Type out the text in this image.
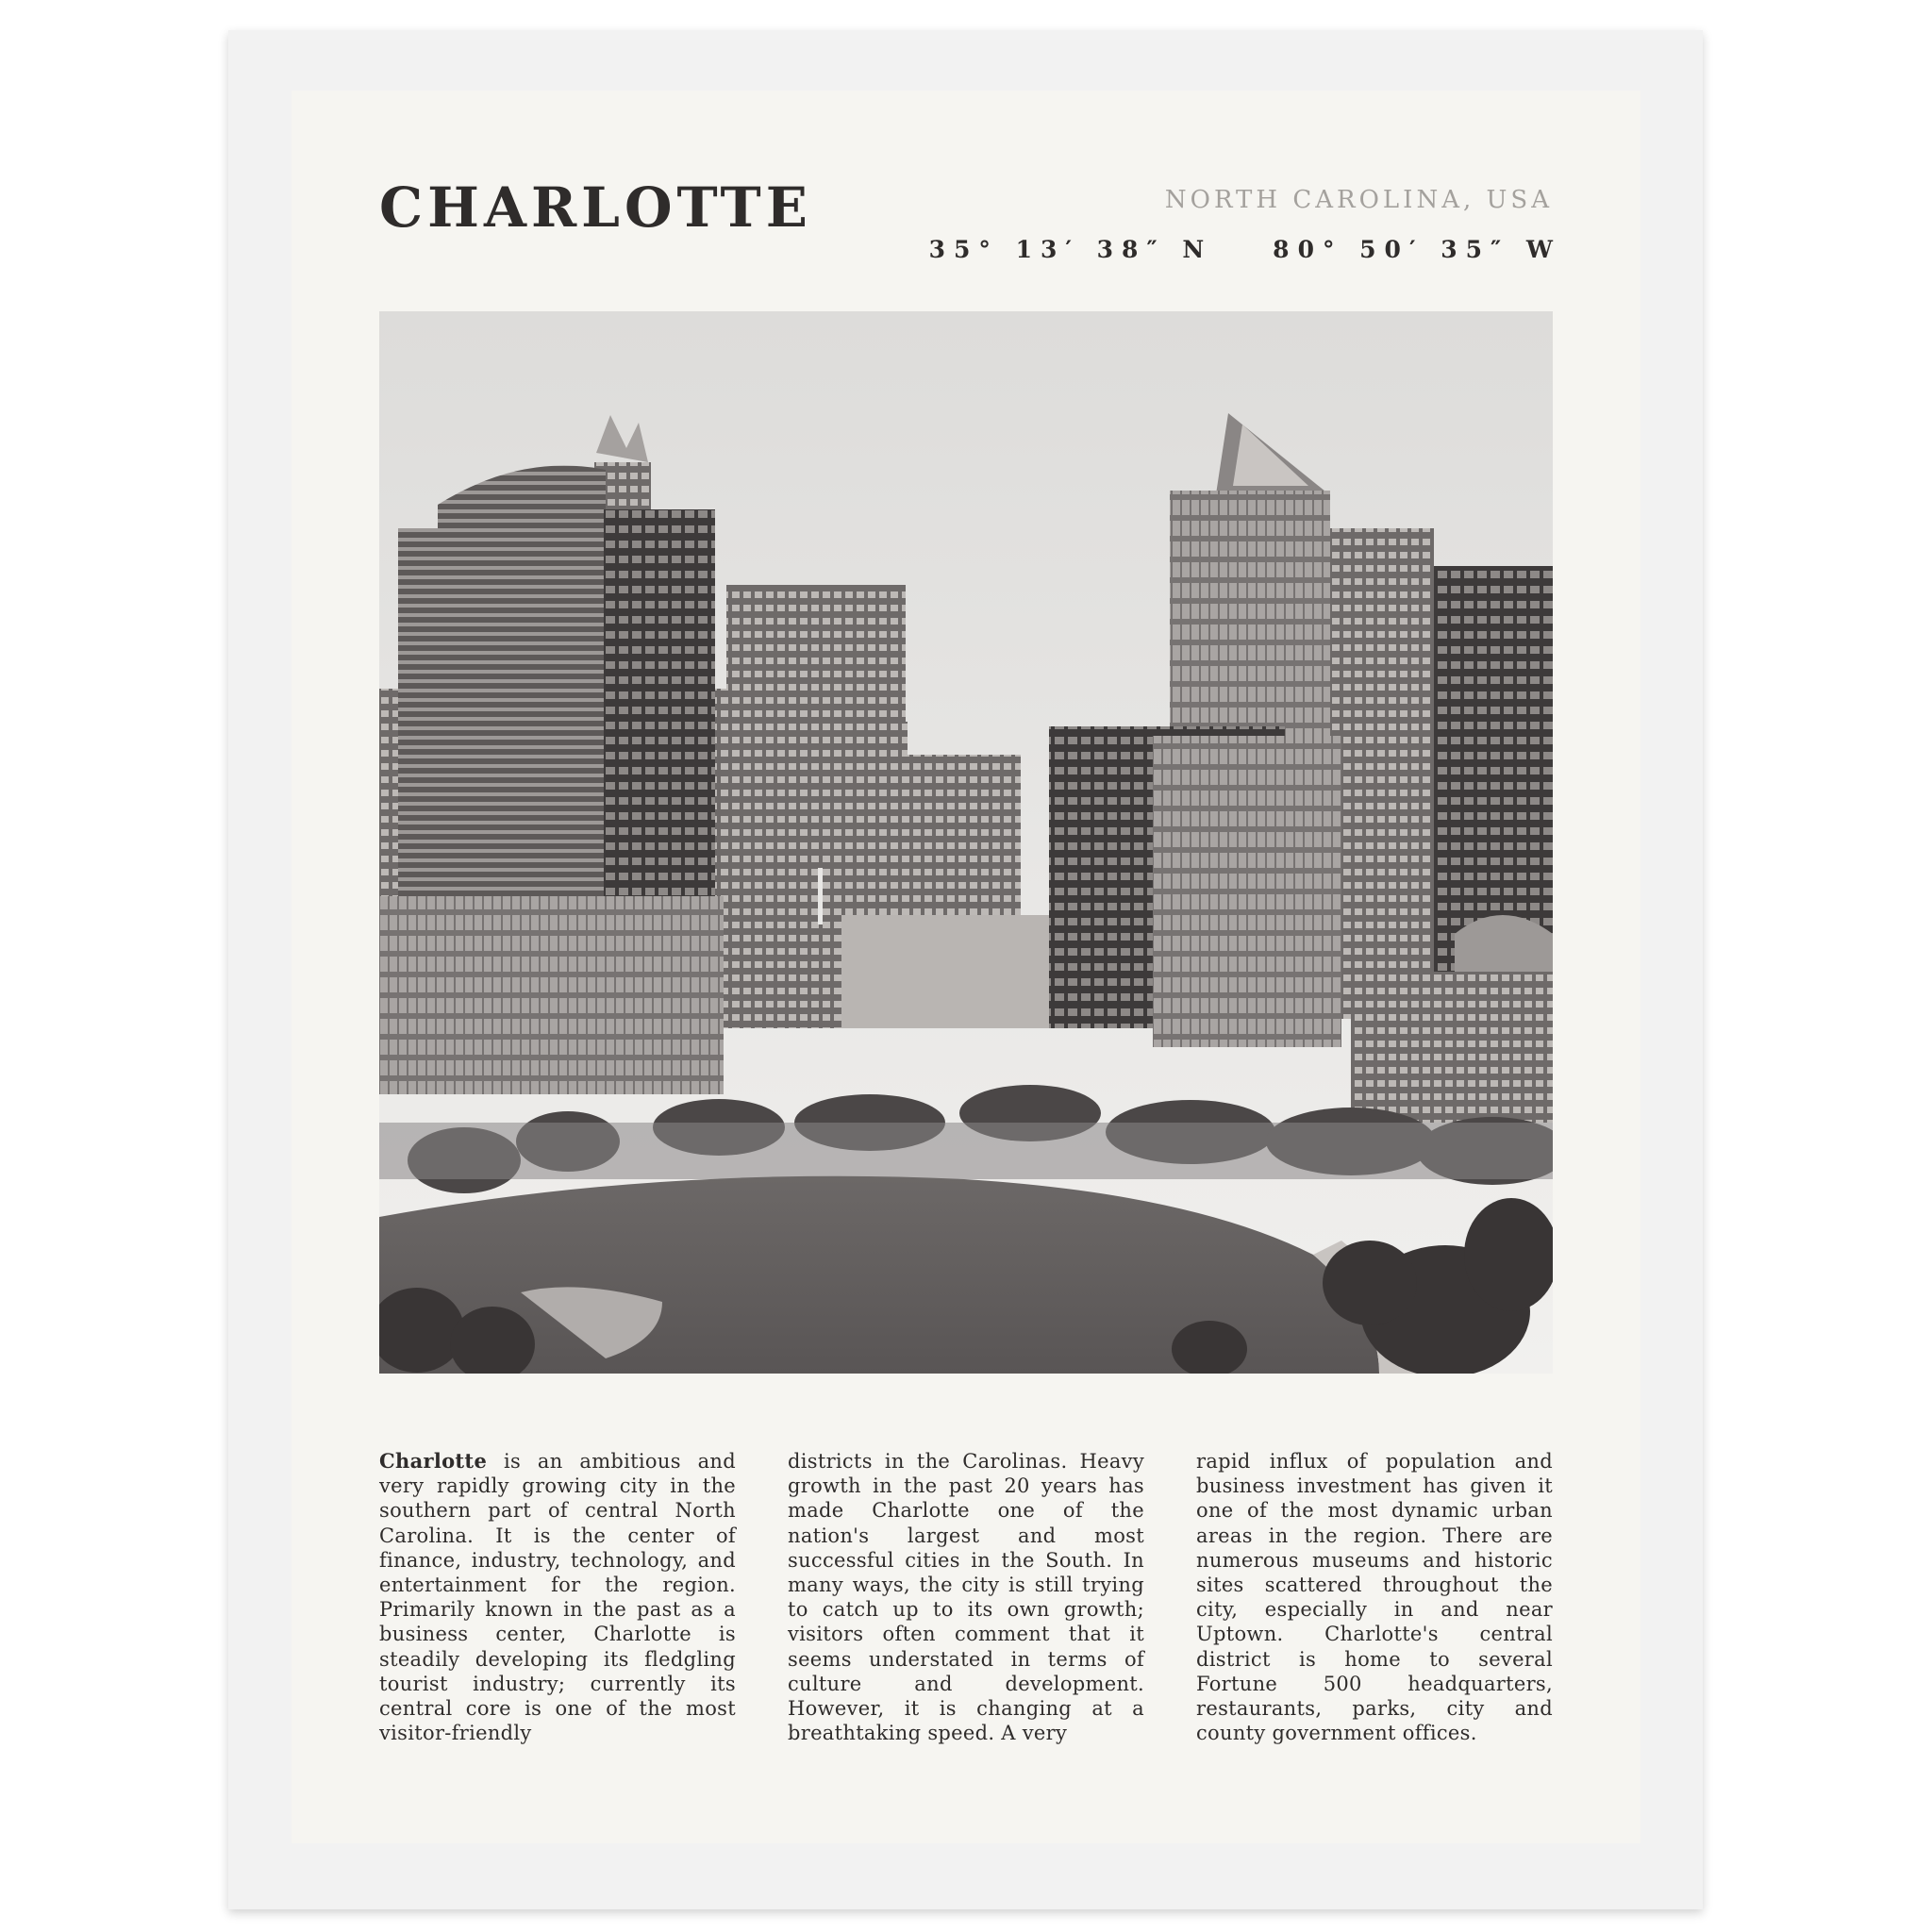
CHARLOTTE	NORTH CAROLINA, USA
35° 13′ 38″ N	80° 50′ 35″ W
Charlotte is an ambitious and very rapidly growing city in the southern part of central North Carolina. It is the center of finance, industry, technology, and entertainment for the region. Primarily known in the past as a business center, Charlotte is steadily developing its fledgling tourist industry; currently its central core is one of the most visitor-friendly
districts in the Carolinas. Heavy growth in the past 20 years has made Charlotte one of the nation's largest and most successful cities in the South. In many ways, the city is still trying to catch up to its own growth; visitors often comment that it seems understated in terms of culture and development. However, it is changing at a breathtaking speed. A very
rapid influx of population and business investment has given it one of the most dynamic urban areas in the region. There are numerous museums and historic sites scattered throughout the city, especially in and near Uptown. Charlotte's central district is home to several Fortune 500 headquarters, restaurants, parks, city and county government offices.
